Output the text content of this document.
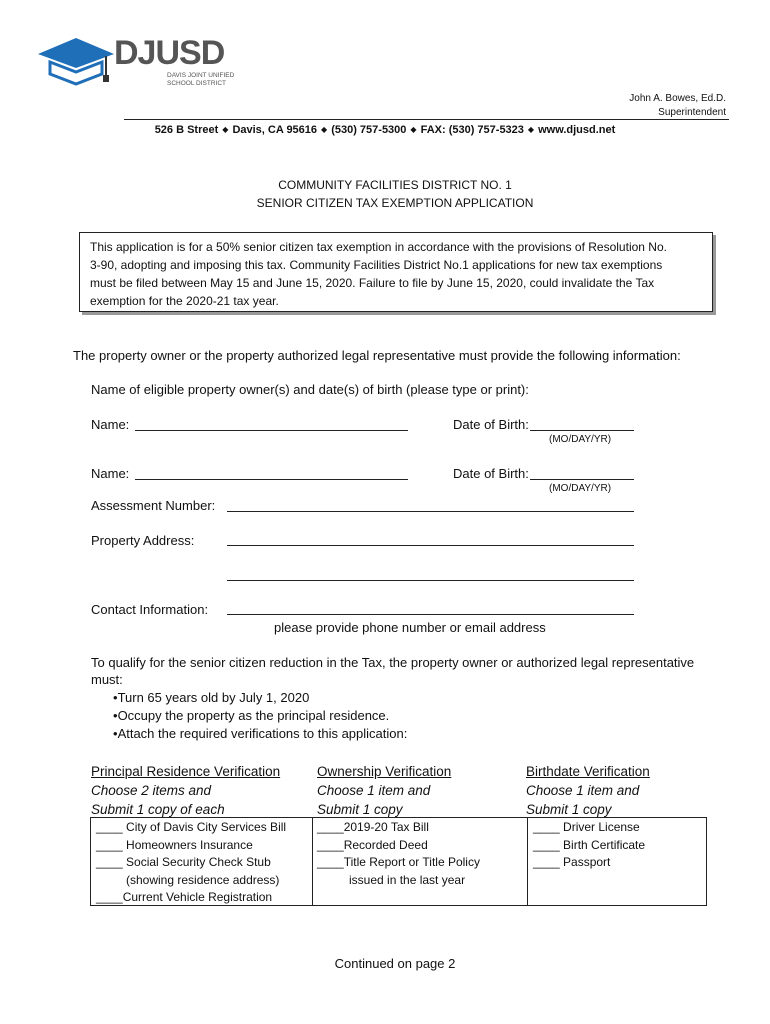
DJUSD
DAVIS JOINT UNIFIED
SCHOOL DISTRICT
John A. Bowes, Ed.D.
Superintendent
526 B Street ◆ Davis, CA 95616 ◆ (530) 757-5300 ◆ FAX: (530) 757-5323 ◆ www.djusd.net
COMMUNITY FACILITIES DISTRICT NO. 1
SENIOR CITIZEN TAX EXEMPTION APPLICATION
This application is for a 50% senior citizen tax exemption in accordance with the provisions of Resolution No.
3-90, adopting and imposing this tax. Community Facilities District No.1 applications for new tax exemptions
must be filed between May 15 and June 15, 2020. Failure to file by June 15, 2020, could invalidate the Tax
exemption for the 2020-21 tax year.
The property owner or the property authorized legal representative must provide the following information:
Name of eligible property owner(s) and date(s) of birth (please type or print):
Name:	Date of Birth:
(MO/DAY/YR)
Name:	Date of Birth:
(MO/DAY/YR)
Assessment Number:
Property Address:
Contact Information:
please provide phone number or email address
To qualify for the senior citizen reduction in the Tax, the property owner or authorized legal representative
must:
•Turn 65 years old by July 1, 2020
•Occupy the property as the principal residence.
•Attach the required verifications to this application:
Principal Residence Verification
Choose 2 items and
Submit 1 copy of each
Ownership Verification
Choose 1 item and
Submit 1 copy
Birthdate Verification
Choose 1 item and
Submit 1 copy
____ City of Davis City Services Bill
____ Homeowners Insurance
____ Social Security Check Stub
(showing residence address)
____Current Vehicle Registration
____2019-20 Tax Bill
____Recorded Deed
____Title Report or Title Policy
issued in the last year
____ Driver License
____ Birth Certificate
____ Passport
Continued on page 2
